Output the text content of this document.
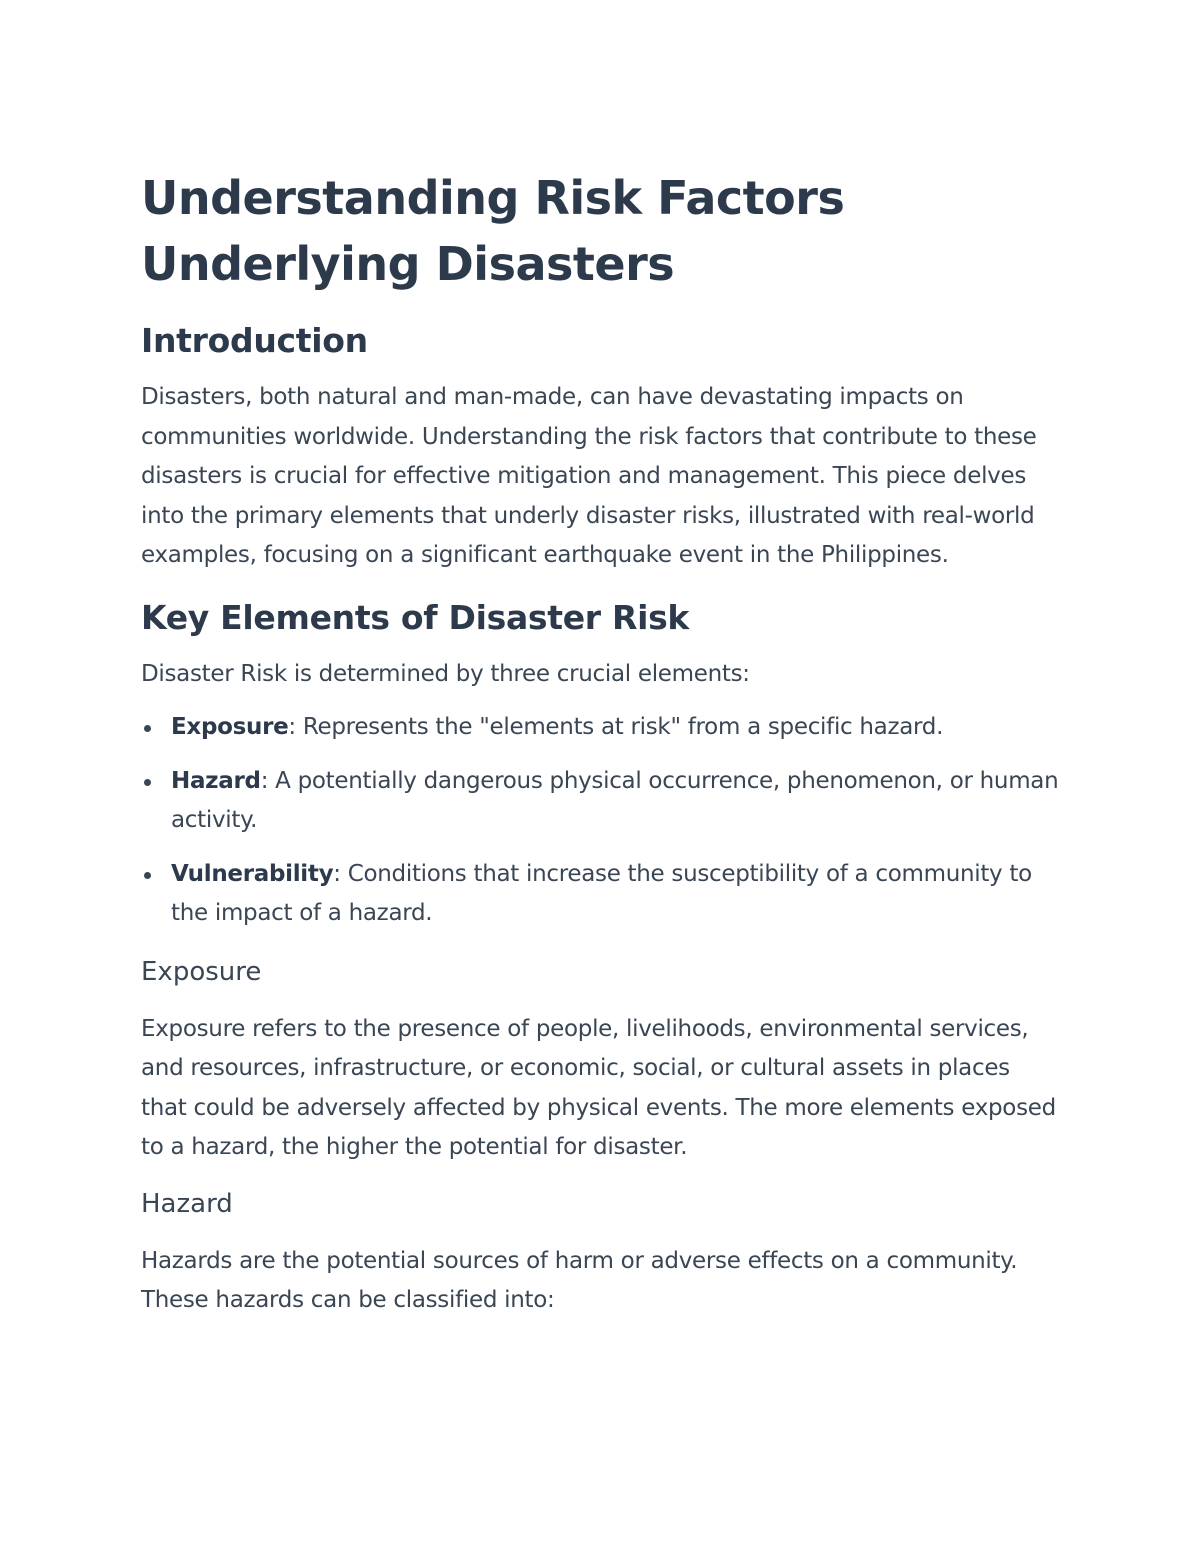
Understanding Risk Factors Underlying Disasters
Introduction

Disasters, both natural and man-made, can have devastating impacts on communities worldwide. Understanding the risk factors that contribute to these disasters is crucial for effective mitigation and management. This piece delves into the primary elements that underly disaster risks, illustrated with real-world examples, focusing on a significant earthquake event in the Philippines.

Key Elements of Disaster Risk

Disaster Risk is determined by three crucial elements:

Exposure: Represents the "elements at risk" from a specific hazard.
Hazard: A potentially dangerous physical occurrence, phenomenon, or human activity.
Vulnerability: Conditions that increase the susceptibility of a community to the impact of a hazard.
Exposure

Exposure refers to the presence of people, livelihoods, environmental services, and resources, infrastructure, or economic, social, or cultural assets in places that could be adversely affected by physical events. The more elements exposed to a hazard, the higher the potential for disaster.

Hazard

Hazards are the potential sources of harm or adverse effects on a community. These hazards can be classified into:
